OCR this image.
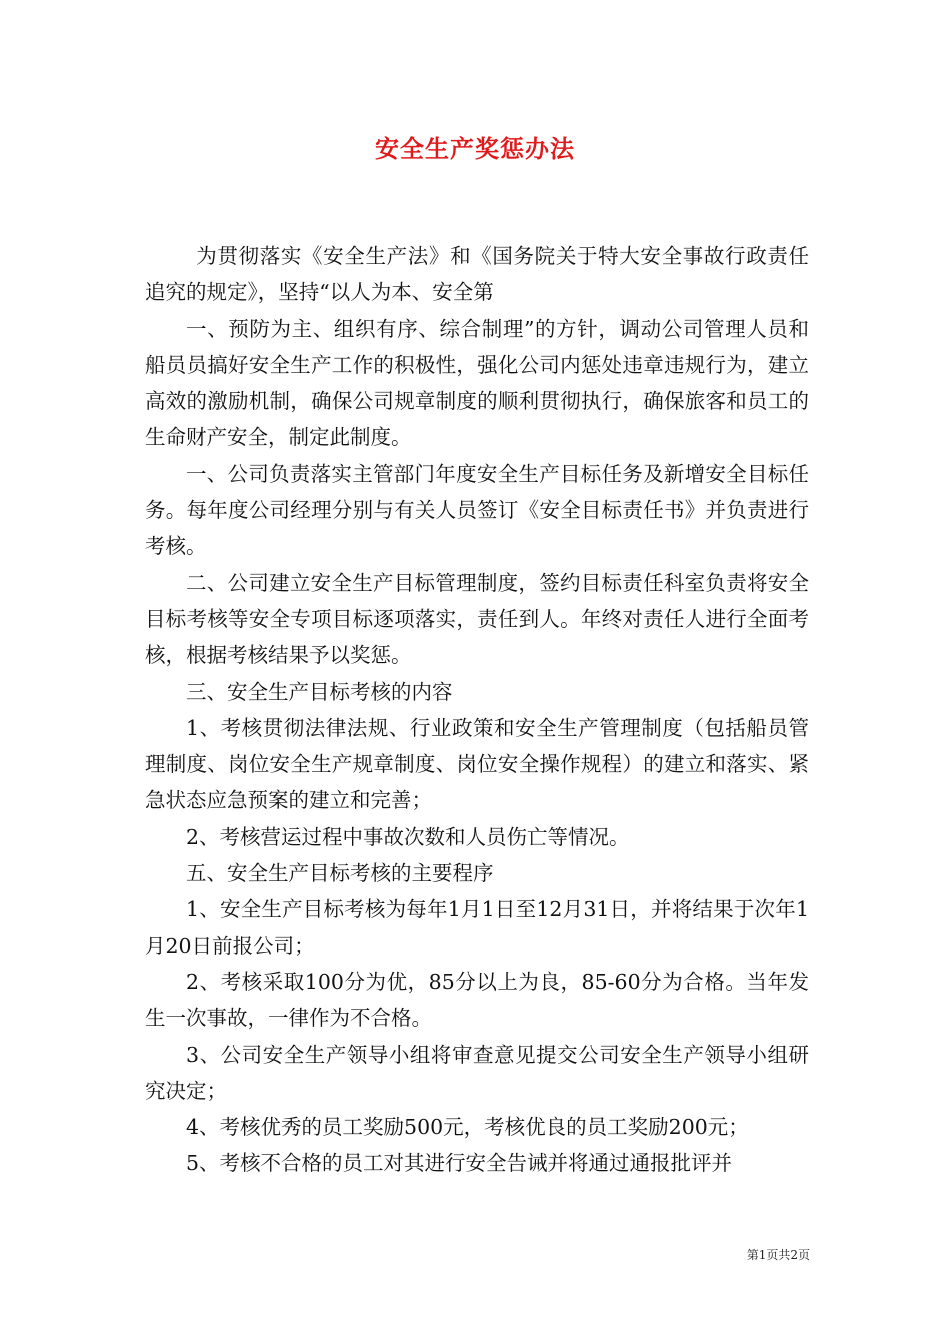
安全生产奖惩办法

为贯彻落实《安全生产法》和《国务院关于特大安全事故行政责任追究的规定》，坚持“以人为本、安全第

一、预防为主、组织有序、综合制理”的方针，调动公司管理人员和船员员搞好安全生产工作的积极性，强化公司内惩处违章违规行为，建立高效的激励机制，确保公司规章制度的顺利贯彻执行，确保旅客和员工的生命财产安全，制定此制度。

一、公司负责落实主管部门年度安全生产目标任务及新增安全目标任务。每年度公司经理分别与有关人员签订《安全目标责任书》并负责进行考核。

二、公司建立安全生产目标管理制度，签约目标责任科室负责将安全目标考核等安全专项目标逐项落实，责任到人。年终对责任人进行全面考核，根据考核结果予以奖惩。

三、安全生产目标考核的内容

1、考核贯彻法律法规、行业政策和安全生产管理制度（包括船员管理制度、岗位安全生产规章制度、岗位安全操作规程）的建立和落实、紧急状态应急预案的建立和完善；

2、考核营运过程中事故次数和人员伤亡等情况。

五、安全生产目标考核的主要程序

1、安全生产目标考核为每年1月1日至12月31日，并将结果于次年1月20日前报公司；

2、考核采取100分为优，85分以上为良，85-60分为合格。当年发生一次事故，一律作为不合格。

3、公司安全生产领导小组将审查意见提交公司安全生产领导小组研究决定；

4、考核优秀的员工奖励500元，考核优良的员工奖励200元；

5、考核不合格的员工对其进行安全告诫并将通过通报批评并

第1页共2页
